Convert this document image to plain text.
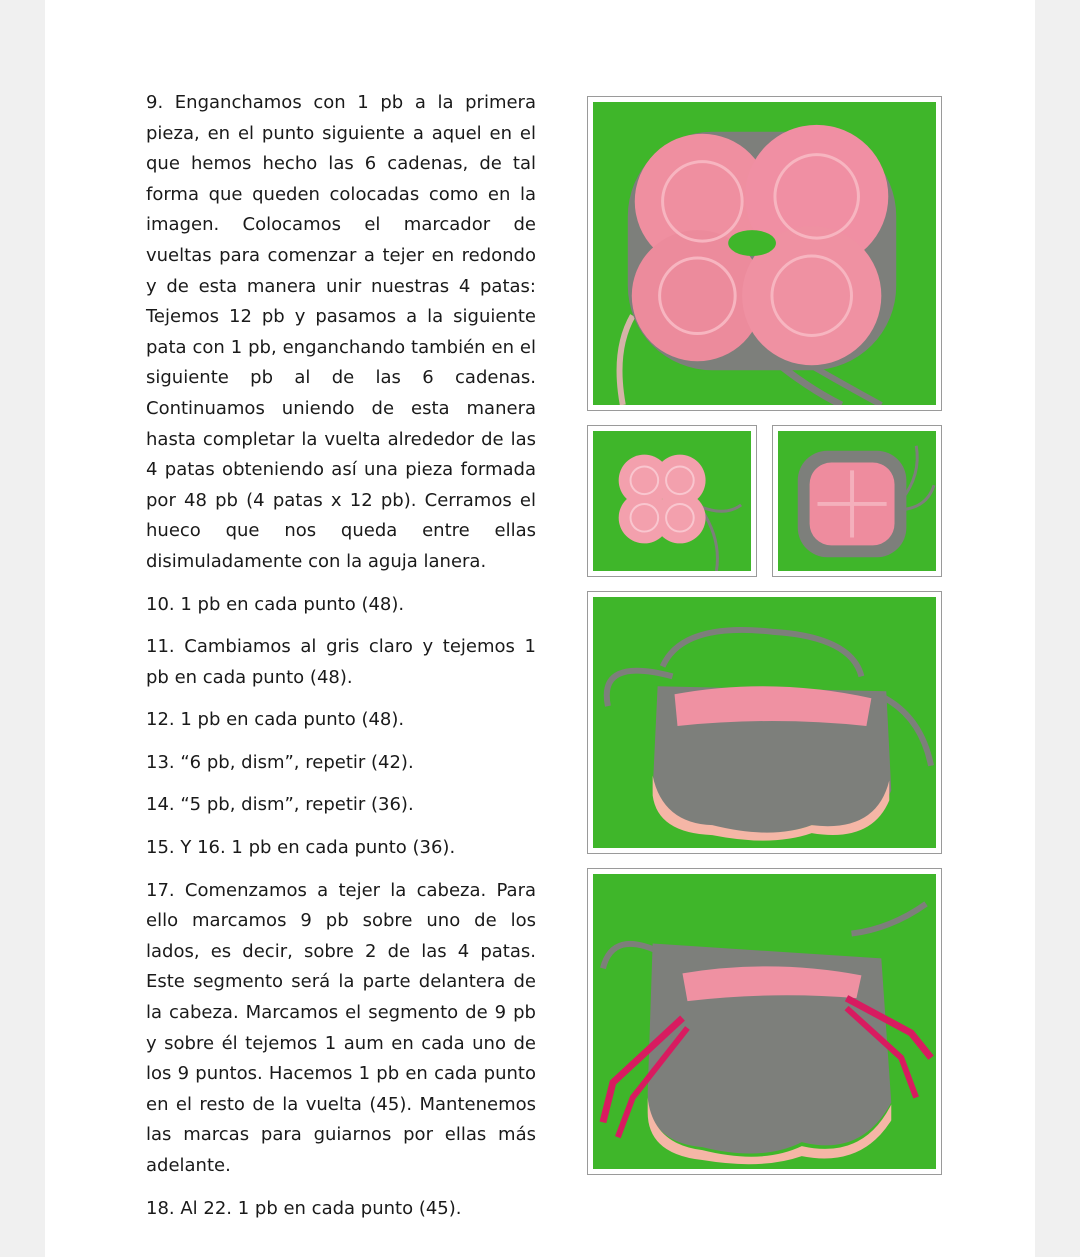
9. Enganchamos con 1 pb a la primera pieza, en el punto siguiente a aquel en el que hemos hecho las 6 cadenas, de tal forma que queden colocadas como en la imagen. Colocamos el marcador de vueltas para comenzar a tejer en redondo y de esta manera unir nuestras 4 patas: Tejemos 12 pb y pasamos a la siguiente pata con 1 pb, enganchando también en el siguiente pb al de las 6 cadenas. Continuamos uniendo de esta manera hasta completar la vuelta alrededor de las 4 patas obteniendo así una pieza formada por 48 pb (4 patas x 12 pb). Cerramos el hueco que nos queda entre ellas disimuladamente con la aguja lanera.

10. 1 pb en cada punto (48).

11. Cambiamos al gris claro y tejemos 1 pb en cada punto (48).

12. 1 pb en cada punto (48).

13. “6 pb, dism”, repetir (42).

14. “5 pb, dism”, repetir (36).

15. Y 16. 1 pb en cada punto (36).

17. Comenzamos a tejer la cabeza. Para ello marcamos 9 pb sobre uno de los lados, es decir, sobre 2 de las 4 patas. Este segmento será la parte delantera de la cabeza. Marcamos el segmento de 9 pb y sobre él tejemos 1 aum en cada uno de los 9 puntos. Hacemos 1 pb en cada punto en el resto de la vuelta (45). Mantenemos las marcas para guiarnos por ellas más adelante.

18. Al 22. 1 pb en cada punto (45).
